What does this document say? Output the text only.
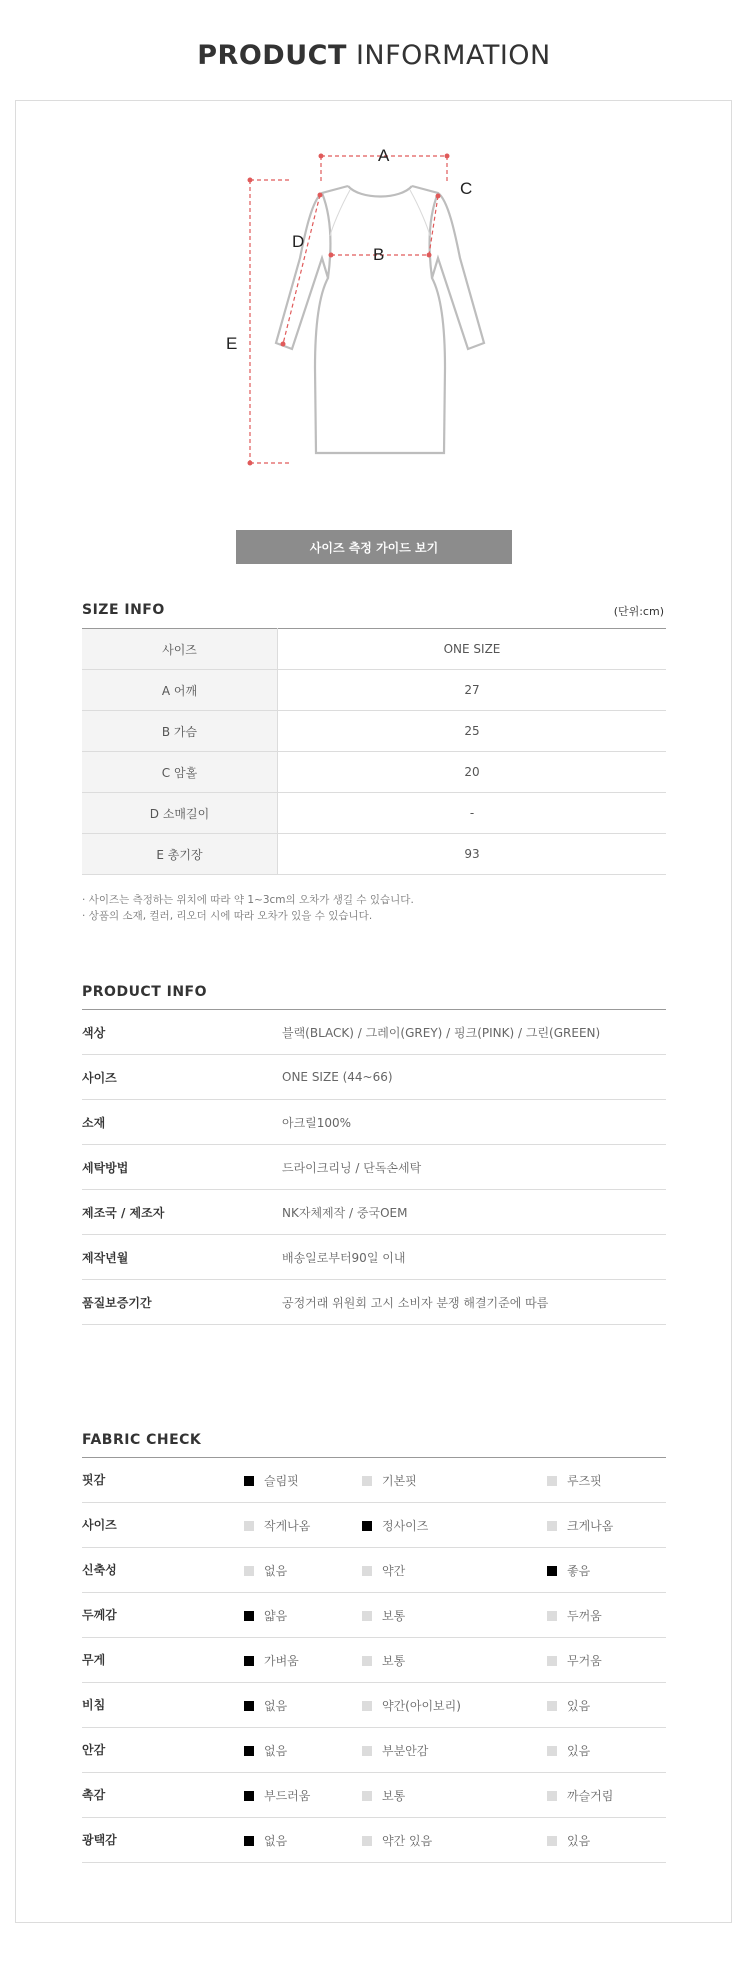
PRODUCT INFORMATION
A
B
C
D
E
사이즈 측정 가이드 보기
SIZE INFO	(단위:cm)
사이즈	ONE SIZE
A 어깨	27
B 가슴	25
C 암홀	20
D 소매길이	-
E 총기장	93
· 사이즈는 측정하는 위치에 따라 약 1~3cm의 오차가 생길 수 있습니다.
· 상품의 소재, 컬러, 리오더 시에 따라 오차가 있을 수 있습니다.
PRODUCT INFO
색상	블랙(BLACK) / 그레이(GREY) / 핑크(PINK) / 그린(GREEN)
사이즈	ONE SIZE (44~66)
소재	아크릴100%
세탁방법	드라이크리닝 / 단독손세탁
제조국 / 제조자	NK자체제작 / 중국OEM
제작년월	배송일로부터90일 이내
품질보증기간	공정거래 위원회 고시 소비자 분쟁 해결기준에 따름
FABRIC CHECK
핏감	슬림핏	기본핏	루즈핏
사이즈	작게나옴	정사이즈	크게나옴
신축성	없음	약간	좋음
두께감	얇음	보통	두꺼움
무게	가벼움	보통	무거움
비침	없음	약간(아이보리)	있음
안감	없음	부분안감	있음
촉감	부드러움	보통	까슬거림
광택감	없음	약간 있음	있음
